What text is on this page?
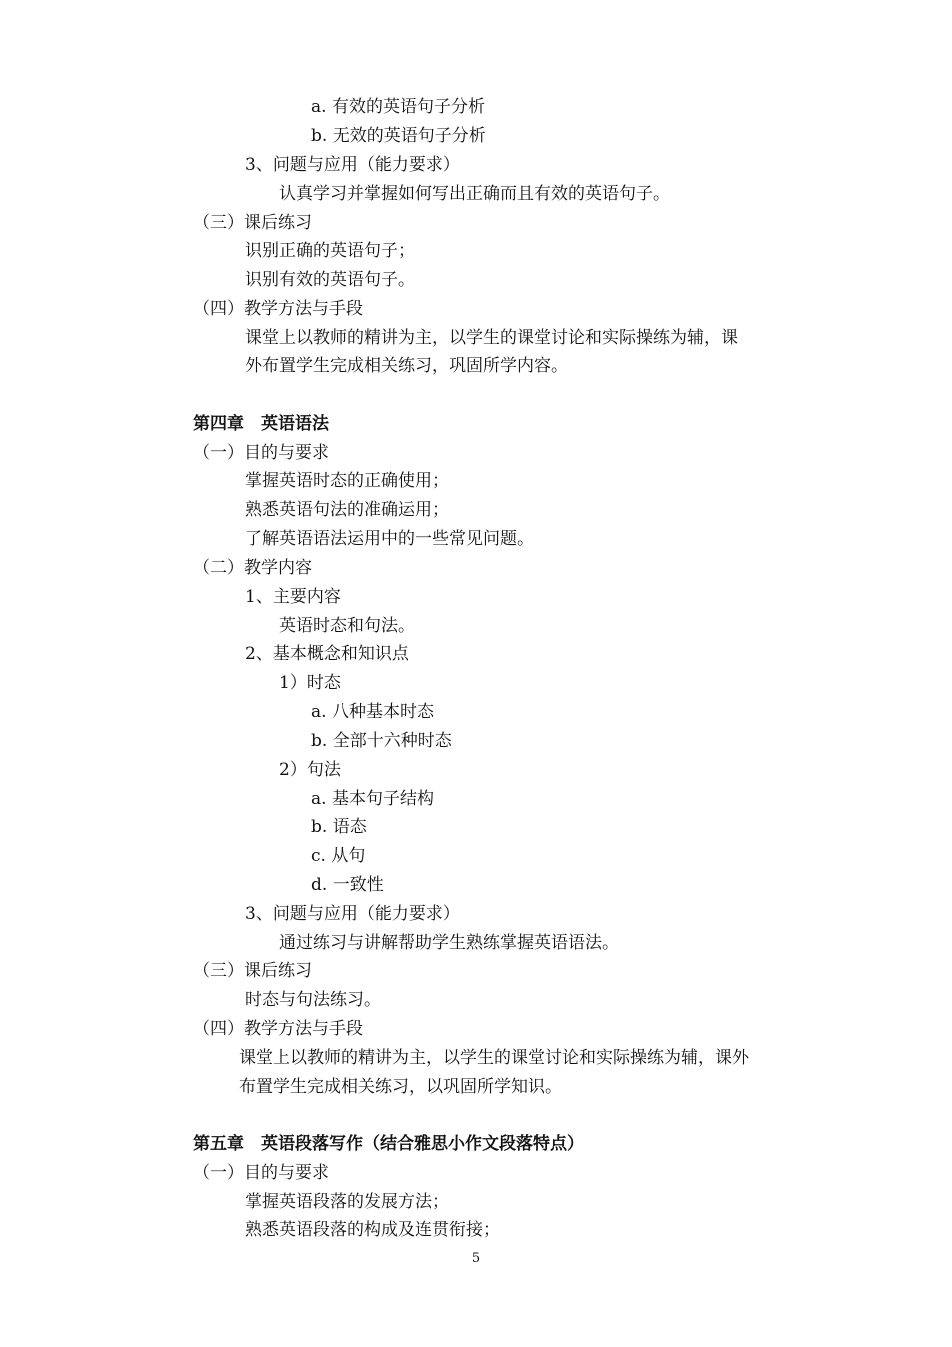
a. 有效的英语句子分析
b. 无效的英语句子分析
3、问题与应用（能力要求）
认真学习并掌握如何写出正确而且有效的英语句子。
（三）课后练习
识别正确的英语句子；
识别有效的英语句子。
（四）教学方法与手段
课堂上以教师的精讲为主，以学生的课堂讨论和实际操练为辅，课
外布置学生完成相关练习，巩固所学内容。
第四章　英语语法
（一）目的与要求
掌握英语时态的正确使用；
熟悉英语句法的准确运用；
了解英语语法运用中的一些常见问题。
（二）教学内容
1、主要内容
英语时态和句法。
2、基本概念和知识点
1）时态
a. 八种基本时态
b. 全部十六种时态
2）句法
a. 基本句子结构
b. 语态
c. 从句
d. 一致性
3、问题与应用（能力要求）
通过练习与讲解帮助学生熟练掌握英语语法。
（三）课后练习
时态与句法练习。
（四）教学方法与手段
课堂上以教师的精讲为主，以学生的课堂讨论和实际操练为辅，课外
布置学生完成相关练习，以巩固所学知识。
第五章　英语段落写作（结合雅思小作文段落特点）
（一）目的与要求
掌握英语段落的发展方法；
熟悉英语段落的构成及连贯衔接；
5
